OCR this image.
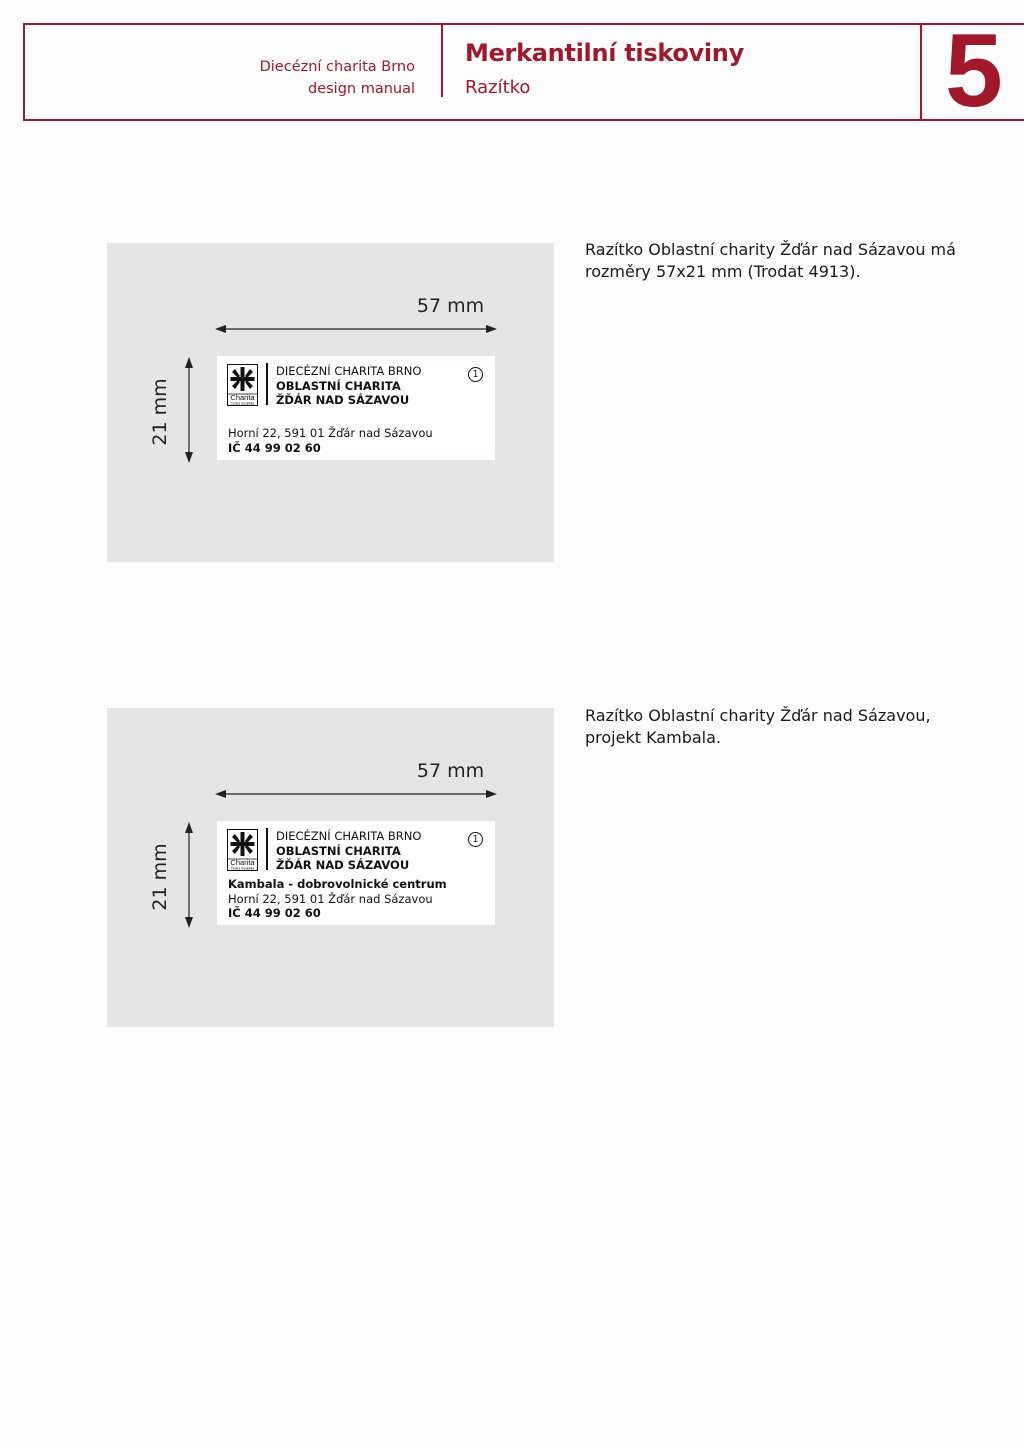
Diecézní charita Brno
design manual
Merkantilní tiskoviny
Razítko	5
57 mm
21 mm	Charita
Česká republika
DIECÉZNÍ CHARITA BRNO
OBLASTNÍ CHARITA
ŽĎÁR NAD SÁZAVOU
1
Horní 22, 591 01 Žďár nad Sázavou
IČ 44 99 02 60
Razítko Oblastní charity Žďár nad Sázavou má rozměry 57x21 mm (Trodat 4913).
57 mm
21 mm	Charita
Česká republika
DIECÉZNÍ CHARITA BRNO
OBLASTNÍ CHARITA
ŽĎÁR NAD SÁZAVOU
1
Kambala - dobrovolnické centrum
Horní 22, 591 01 Žďár nad Sázavou
IČ 44 99 02 60
Razítko Oblastní charity Žďár nad Sázavou, projekt Kambala.
